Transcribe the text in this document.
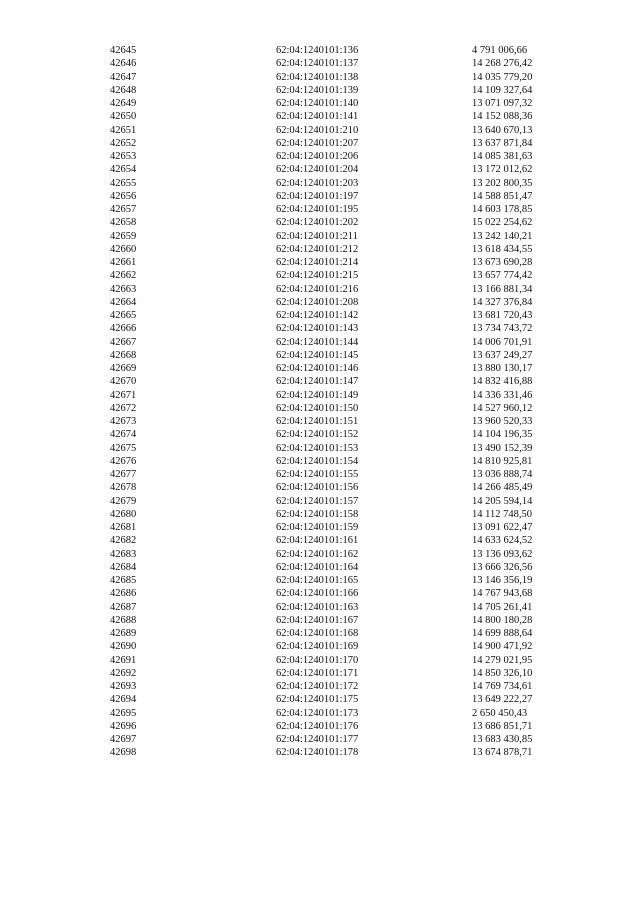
42645	62:04:1240101:136	4 791 006,66
42646	62:04:1240101:137	14 268 276,42
42647	62:04:1240101:138	14 035 779,20
42648	62:04:1240101:139	14 109 327,64
42649	62:04:1240101:140	13 071 097,32
42650	62:04:1240101:141	14 152 088,36
42651	62:04:1240101:210	13 640 670,13
42652	62:04:1240101:207	13 637 871,84
42653	62:04:1240101:206	14 085 381,63
42654	62:04:1240101:204	13 172 012,62
42655	62:04:1240101:203	13 202 800,35
42656	62:04:1240101:197	14 588 851,47
42657	62:04:1240101:195	14 603 178,85
42658	62:04:1240101:202	15 022 254,62
42659	62:04:1240101:211	13 242 140,21
42660	62:04:1240101:212	13 618 434,55
42661	62:04:1240101:214	13 673 690,28
42662	62:04:1240101:215	13 657 774,42
42663	62:04:1240101:216	13 166 881,34
42664	62:04:1240101:208	14 327 376,84
42665	62:04:1240101:142	13 681 720,43
42666	62:04:1240101:143	13 734 743,72
42667	62:04:1240101:144	14 006 701,91
42668	62:04:1240101:145	13 637 249,27
42669	62:04:1240101:146	13 880 130,17
42670	62:04:1240101:147	14 832 416,88
42671	62:04:1240101:149	14 336 331,46
42672	62:04:1240101:150	14 527 960,12
42673	62:04:1240101:151	13 960 520,33
42674	62:04:1240101:152	14 104 196,35
42675	62:04:1240101:153	13 490 152,39
42676	62:04:1240101:154	14 810 925,81
42677	62:04:1240101:155	13 036 888,74
42678	62:04:1240101:156	14 266 485,49
42679	62:04:1240101:157	14 205 594,14
42680	62:04:1240101:158	14 112 748,50
42681	62:04:1240101:159	13 091 622,47
42682	62:04:1240101:161	14 633 624,52
42683	62:04:1240101:162	13 136 093,62
42684	62:04:1240101:164	13 666 326,56
42685	62:04:1240101:165	13 146 356,19
42686	62:04:1240101:166	14 767 943,68
42687	62:04:1240101:163	14 705 261,41
42688	62:04:1240101:167	14 800 180,28
42689	62:04:1240101:168	14 699 888,64
42690	62:04:1240101:169	14 900 471,92
42691	62:04:1240101:170	14 279 021,95
42692	62:04:1240101:171	14 850 326,10
42693	62:04:1240101:172	14 769 734,61
42694	62:04:1240101:175	13 649 222,27
42695	62:04:1240101:173	2 650 450,43
42696	62:04:1240101:176	13 686 851,71
42697	62:04:1240101:177	13 683 430,85
42698	62:04:1240101:178	13 674 878,71
